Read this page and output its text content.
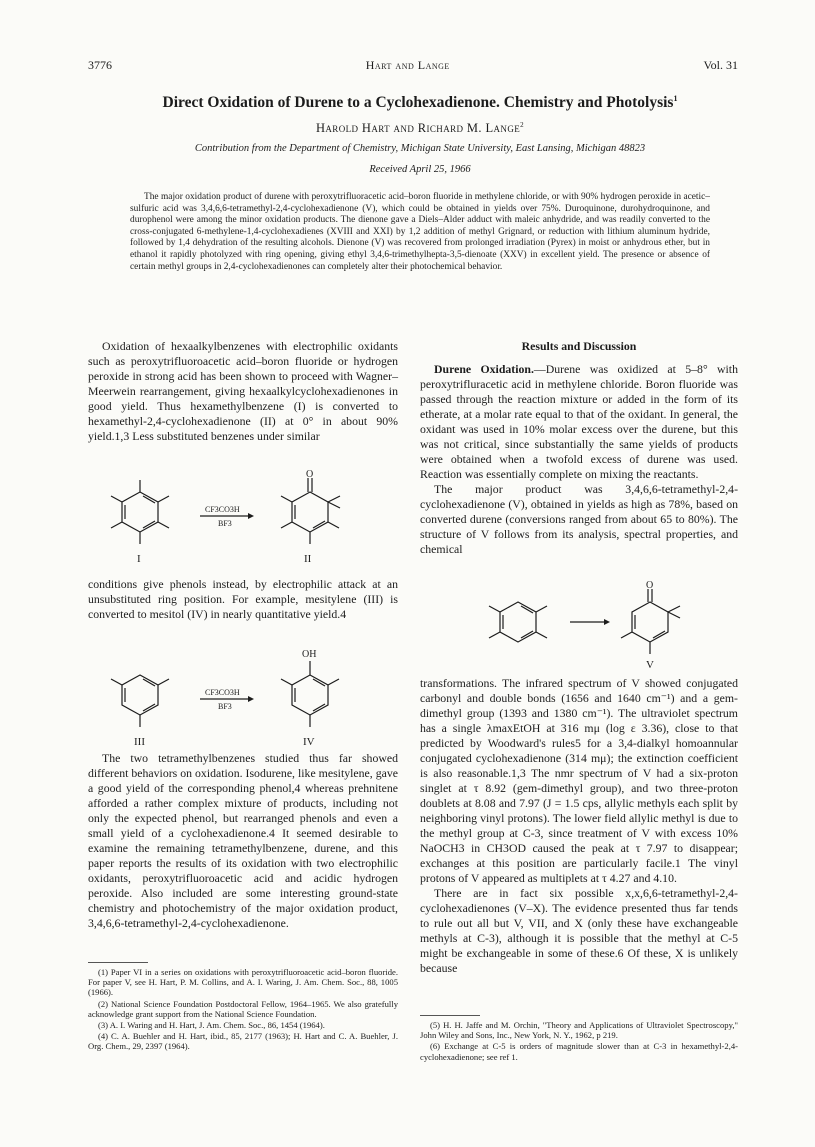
3776	Hart and Lange	Vol. 31
Direct Oxidation of Durene to a Cyclohexadienone. Chemistry and Photolysis$^1$
Harold Hart and Richard M. Lange$^2$
Contribution from the Department of Chemistry, Michigan State University, East Lansing, Michigan 48823
Received April 25, 1966
The major oxidation product of durene with peroxytrifluoracetic acid–boron fluoride in methylene chloride, or with 90% hydrogen peroxide in acetic–sulfuric acid was 3,4,6,6-tetramethyl-2,4-cyclohexadienone (V), which could be obtained in yields over 75%. Duroquinone, durohydroquinone, and durophenol were among the minor oxidation products. The dienone gave a Diels–Alder adduct with maleic anhydride, and was readily converted to the cross-conjugated 6-methylene-1,4-cyclohexadienes (XVIII and XXI) by 1,2 addition of methyl Grignard, or reduction with lithium aluminum hydride, followed by 1,4 dehydration of the resulting alcohols. Dienone (V) was recovered from prolonged irradiation (Pyrex) in moist or anhydrous ether, but in ethanol it rapidly photolyzed with ring opening, giving ethyl 3,4,6-trimethylhepta-3,5-dienoate (XXV) in excellent yield. The presence or absence of certain methyl groups in 2,4-cyclohexadienones can completely alter their photochemical behavior.

Oxidation of hexaalkylbenzenes with electrophilic oxidants such as peroxytrifluoroacetic acid–boron fluoride or hydrogen peroxide in strong acid has been shown to proceed with Wagner–Meerwein rearrangement, giving hexaalkylcyclohexadienones in good yield. Thus hexamethylbenzene (I) is converted to hexamethyl-2,4-cyclohexadienone (II) at 0° in about 90% yield.1,3 Less substituted benzenes under similar

CF3CO3H
BF3
O
I	II

conditions give phenols instead, by electrophilic attack at an unsubstituted ring position. For example, mesitylene (III) is converted to mesitol (IV) in nearly quantitative yield.4

CF3CO3H
BF3
OH
III	IV

The two tetramethylbenzenes studied thus far showed different behaviors on oxidation. Isodurene, like mesitylene, gave a good yield of the corresponding phenol,4 whereas prehnitene afforded a rather complex mixture of products, including not only the expected phenol, but rearranged phenols and even a small yield of a cyclohexadienone.4 It seemed desirable to examine the remaining tetramethylbenzene, durene, and this paper reports the results of its oxidation with two electrophilic oxidants, peroxytrifluoroacetic acid and acidic hydrogen peroxide. Also included are some interesting ground-state chemistry and photochemistry of the major oxidation product, 3,4,6,6-tetramethyl-2,4-cyclohexadienone.

(1) Paper VI in a series on oxidations with peroxytrifluoroacetic acid–boron fluoride. For paper V, see H. Hart, P. M. Collins, and A. I. Waring, J. Am. Chem. Soc., 88, 1005 (1966).
(2) National Science Foundation Postdoctoral Fellow, 1964–1965. We also gratefully acknowledge grant support from the National Science Foundation.
(3) A. I. Waring and H. Hart, J. Am. Chem. Soc., 86, 1454 (1964).
(4) C. A. Buehler and H. Hart, ibid., 85, 2177 (1963); H. Hart and C. A. Buehler, J. Org. Chem., 29, 2397 (1964).
Results and Discussion

Durene Oxidation.—Durene was oxidized at 5–8° with peroxytrifluracetic acid in methylene chloride. Boron fluoride was passed through the reaction mixture or added in the form of its etherate, at a molar rate equal to that of the oxidant. In general, the oxidant was used in 10% molar excess over the durene, but this was not critical, since substantially the same yields of products were obtained when a twofold excess of durene was used. Reaction was essentially complete on mixing the reactants.

The major product was 3,4,6,6-tetramethyl-2,4-cyclohexadienone (V), obtained in yields as high as 78%, based on converted durene (conversions ranged from about 65 to 80%). The structure of V follows from its analysis, spectral properties, and chemical

O
V

transformations. The infrared spectrum of V showed conjugated carbonyl and double bonds (1656 and 1640 cm⁻¹) and a gem-dimethyl group (1393 and 1380 cm⁻¹). The ultraviolet spectrum has a single λmaxEtOH at 316 mμ (log ε 3.36), close to that predicted by Woodward's rules5 for a 3,4-dialkyl homoannular conjugated cyclohexadienone (314 mμ); the extinction coefficient is also reasonable.1,3 The nmr spectrum of V had a six-proton singlet at τ 8.92 (gem-dimethyl group), and two three-proton doublets at 8.08 and 7.97 (J = 1.5 cps, allylic methyls each split by neighboring vinyl protons). The lower field allylic methyl is due to the methyl group at C-3, since treatment of V with excess 10% NaOCH3 in CH3OD caused the peak at τ 7.97 to disappear; exchanges at this position are particularly facile.1 The vinyl protons of V appeared as multiplets at τ 4.27 and 4.10.

There are in fact six possible x,x,6,6-tetramethyl-2,4-cyclohexadienones (V–X). The evidence presented thus far tends to rule out all but V, VII, and X (only these have exchangeable methyls at C-3), although it is possible that the methyl at C-5 might be exchangeable in some of these.6 Of these, X is unlikely because

(5) H. H. Jaffe and M. Orchin, "Theory and Applications of Ultraviolet Spectroscopy," John Wiley and Sons, Inc., New York, N. Y., 1962, p 219.
(6) Exchange at C-5 is orders of magnitude slower than at C-3 in hexamethyl-2,4-cyclohexadienone; see ref 1.
